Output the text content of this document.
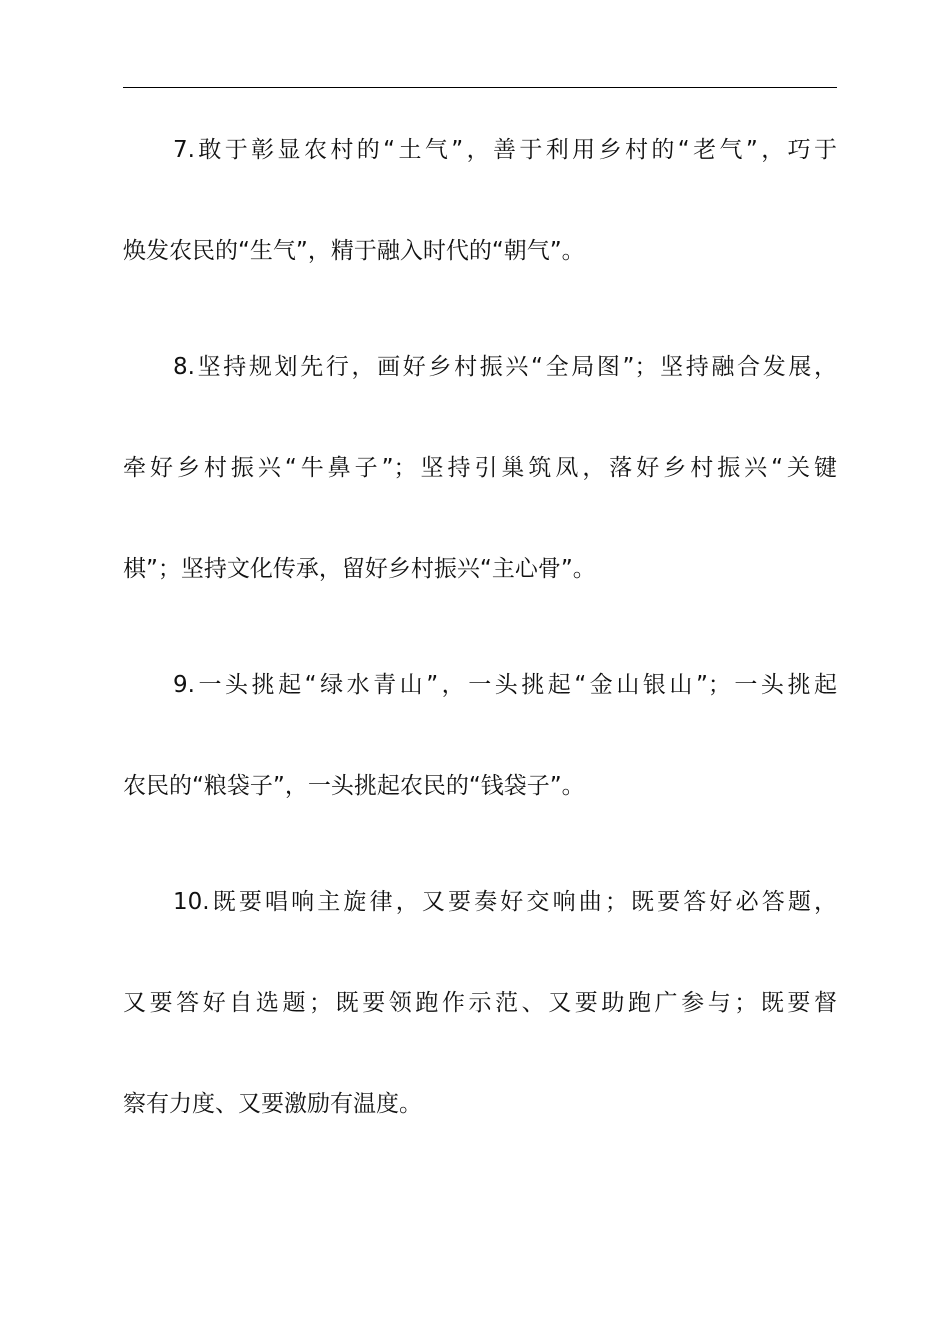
7.敢于彰显农村的“土气”，善于利用乡村的“老气”，巧于
焕发农民的“生气”，精于融入时代的“朝气”。
8.坚持规划先行，画好乡村振兴“全局图”；坚持融合发展，
牵好乡村振兴“牛鼻子”；坚持引巢筑凤，落好乡村振兴“关键
棋”；坚持文化传承，留好乡村振兴“主心骨”。
9.一头挑起“绿水青山”，一头挑起“金山银山”；一头挑起
农民的“粮袋子”，一头挑起农民的“钱袋子”。
10.既要唱响主旋律，又要奏好交响曲；既要答好必答题，
又要答好自选题；既要领跑作示范、又要助跑广参与；既要督
察有力度、又要激励有温度。
